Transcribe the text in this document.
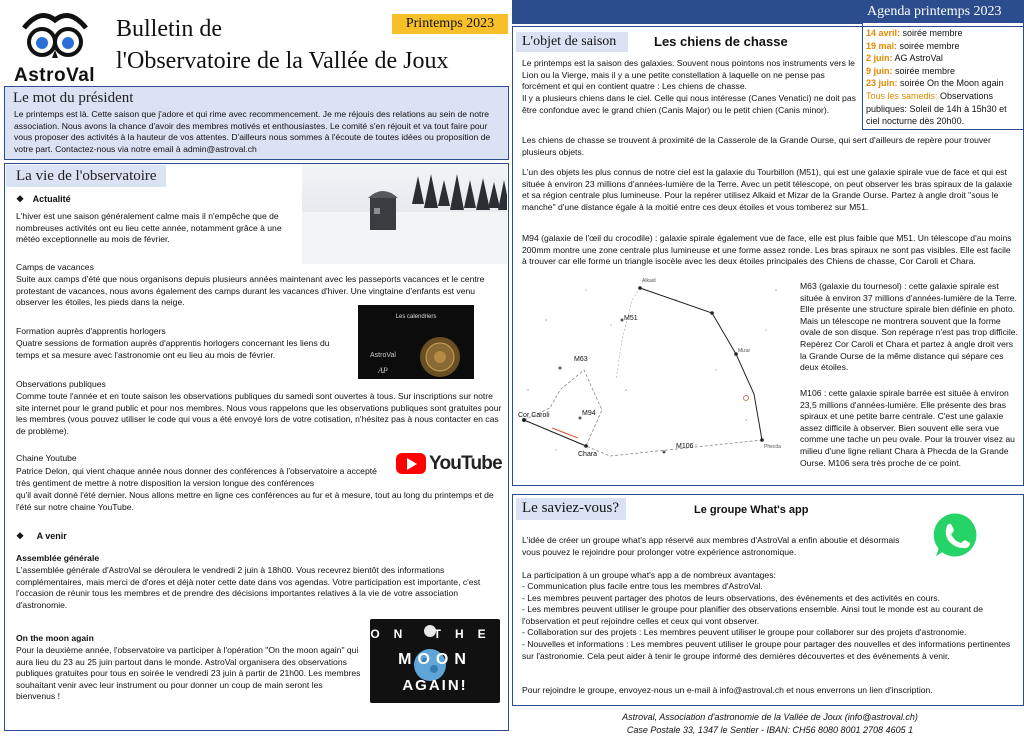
AstroVal
Bulletin de
l'Observatoire de la Vallée de Joux
Printemps 2023
Le mot du président

Le printemps est là. Cette saison que j'adore et qui rime avec recommencement. Je me réjouis des relations au sein de notre association. Nous avons la chance d'avoir des membres motivés et enthousiastes. Le comité s'en réjouit et va tout faire pour vous proposer des activités à la hauteur de vos attentes. D'ailleurs nous sommes à l'écoute de toutes idées ou proposition de votre part. Contactez-nous via notre email à admin@astroval.ch

La vie de l'observatoire
❖ Actualité

L'hiver est une saison généralement calme mais il n'empêche que de nombreuses activités ont eu lieu cette année, notamment grâce à une météo exceptionnelle au mois de février.

Camps de vacances

Suite aux camps d'été que nous organisons depuis plusieurs années maintenant avec les passeports vacances et le centre protestant de vacances, nous avons également des camps durant les vacances d'hiver. Une vingtaine d'enfants est venu observer les étoiles, les pieds dans la neige.

Les calendriers
AstroVal
AP
Formation auprès d'apprentis horlogers

Quatre sessions de formation auprès d'apprentis horlogers concernant les liens du temps et sa mesure avec l'astronomie ont eu lieu au mois de février.

Observations publiques

Comme toute l'année et en toute saison les observations publiques du samedi sont ouvertes à tous. Sur inscriptions sur notre site internet pour le grand public et pour nos membres. Nous vous rappelons que les observations publiques sont gratuites pour les membres (vous pouvez utiliser le code qui vous a été envoyé lors de votre cotisation, n'hésitez pas à nous contacter en cas de problème).

Chaine Youtube

Patrice Delon, qui vient chaque année nous donner des conférences à l'observatoire a accepté très gentiment de mettre à notre disposition la version longue des conférences

qu'il avait donné l'été dernier. Nous allons mettre en ligne ces conférences au fur et à mesure, tout au long du printemps et de l'été sur notre chaine YouTube.

YouTube
❖ A venir
Assemblée générale

L'assemblée générale d'AstroVal se déroulera le vendredi 2 juin à 18h00. Vous recevrez bientôt des informations complémentaires, mais merci de d'ores et déjà noter cette date dans vos agendas. Votre participation est importante, c'est l'occasion de réunir tous les membres et de prendre des décisions importantes relatives à la vie de votre association d'astronomie.

On the moon again

Pour la deuxième année, l'observatoire va participer à l'opération "On the moon again" qui aura lieu du 23 au 25 juin partout dans le monde. AstroVal organisera des observations publiques gratuites pour tous en soirée le vendredi 23 juin à partir de 21h00. Les membres souhaitant venir avec leur instrument ou pour donner un coup de main seront les bienvenus !

ON THE
MOON
AGAIN!
Agenda printemps 2023
14 avril: soirée membre
19 mai: soirée membre
2 juin: AG AstroVal
9 juin: soirée membre
23 juin: soirée On the Moon again
Tous les samedis: Observations publiques: Soleil de 14h à 15h30 et ciel nocturne dès 20h00.
L'objet de saison	Les chiens de chasse

Le printemps est la saison des galaxies. Souvent nous pointons nos instruments vers le Lion ou la Vierge, mais il y a une petite constellation à laquelle on ne pense pas forcément et qui en contient quatre : Les chiens de chasse.

Il y a plusieurs chiens dans le ciel. Celle qui nous intéresse (Canes Venatici) ne doit pas être confondue avec le grand chien (Canis Major) ou le petit chien (Canis minor).

Les chiens de chasse se trouvent à proximité de la Casserole de la Grande Ourse, qui sert d'ailleurs de repère pour trouver plusieurs objets.

L'un des objets les plus connus de notre ciel est la galaxie du Tourbillon (M51), qui est une galaxie spirale vue de face et qui est située à environ 23 millions d'années-lumière de la Terre. Avec un petit télescope, on peut observer les bras spiraux de la galaxie et sa région centrale plus lumineuse. Pour la repérer utilisez Alkaid et Mizar de la Grande Ourse. Partez à angle droit "sous le manche" d'une distance égale à la moitié entre ces deux étoiles et vous tomberez sur M51.

M94 (galaxie de l'œil du crocodile) : galaxie spirale également vue de face, elle est plus faible que M51. Un télescope d'au moins 200mm montre une zone centrale plus lumineuse et une forme assez ronde. Les bras spiraux ne sont pas visibles. Elle est facile à trouver car elle forme un triangle isocèle avec les deux étoiles principales des Chiens de chasse, Cor Caroli et Chara.

Alkaid
M51
Mizar
M63
Cor Caroli	M94
Chara
M106	Phecda

M63 (galaxie du tournesol) : cette galaxie spirale est située à environ 37 millions d'années-lumière de la Terre. Elle présente une structure spirale bien définie en photo. Mais un télescope ne montrera souvent que la forme ovale de son disque. Son repérage n'est pas trop difficile. Repérez Cor Caroli et Chara et partez à angle droit vers la Grande Ourse de la même distance qui sépare ces deux étoiles.

M106 : cette galaxie spirale barrée est située à environ 23,5 millions d'années-lumière. Elle présente des bras spiraux et une petite barre centrale. C'est une galaxie assez difficile à observer. Bien souvent elle sera vue comme une tache un peu ovale. Pour la trouver visez au milieu d'une ligne reliant Chara à Phecda de la Grande Ourse. M106 sera très proche de ce point.

Le saviez-vous?	Le groupe What's app

L'idée de créer un groupe what's app réservé aux membres d'AstroVal a enfin aboutie et désormais vous pouvez le rejoindre pour prolonger votre expérience astronomique.

La participation à un groupe what's app a de nombreux avantages:

- Communication plus facile entre tous les membres d'AstroVal.

- Les membres peuvent partager des photos de leurs observations, des événements et des activités en cours.

- Les membres peuvent utiliser le groupe pour planifier des observations ensemble. Ainsi tout le monde est au courant de l'observation et peut rejoindre celles et ceux qui vont observer.

- Collaboration sur des projets : Les membres peuvent utiliser le groupe pour collaborer sur des projets d'astronomie.

- Nouvelles et informations : Les membres peuvent utiliser le groupe pour partager des nouvelles et des informations pertinentes sur l'astronomie. Cela peut aider à tenir le groupe informé des dernières découvertes et des événements à venir.

Pour rejoindre le groupe, envoyez-nous un e-mail à info@astroval.ch et nous enverrons un lien d'inscription.

Astroval, Association d'astronomie de la Vallée de Joux (info@astroval.ch)
Case Postale 33, 1347 le Sentier - IBAN: CH56 8080 8001 2708 4605 1
